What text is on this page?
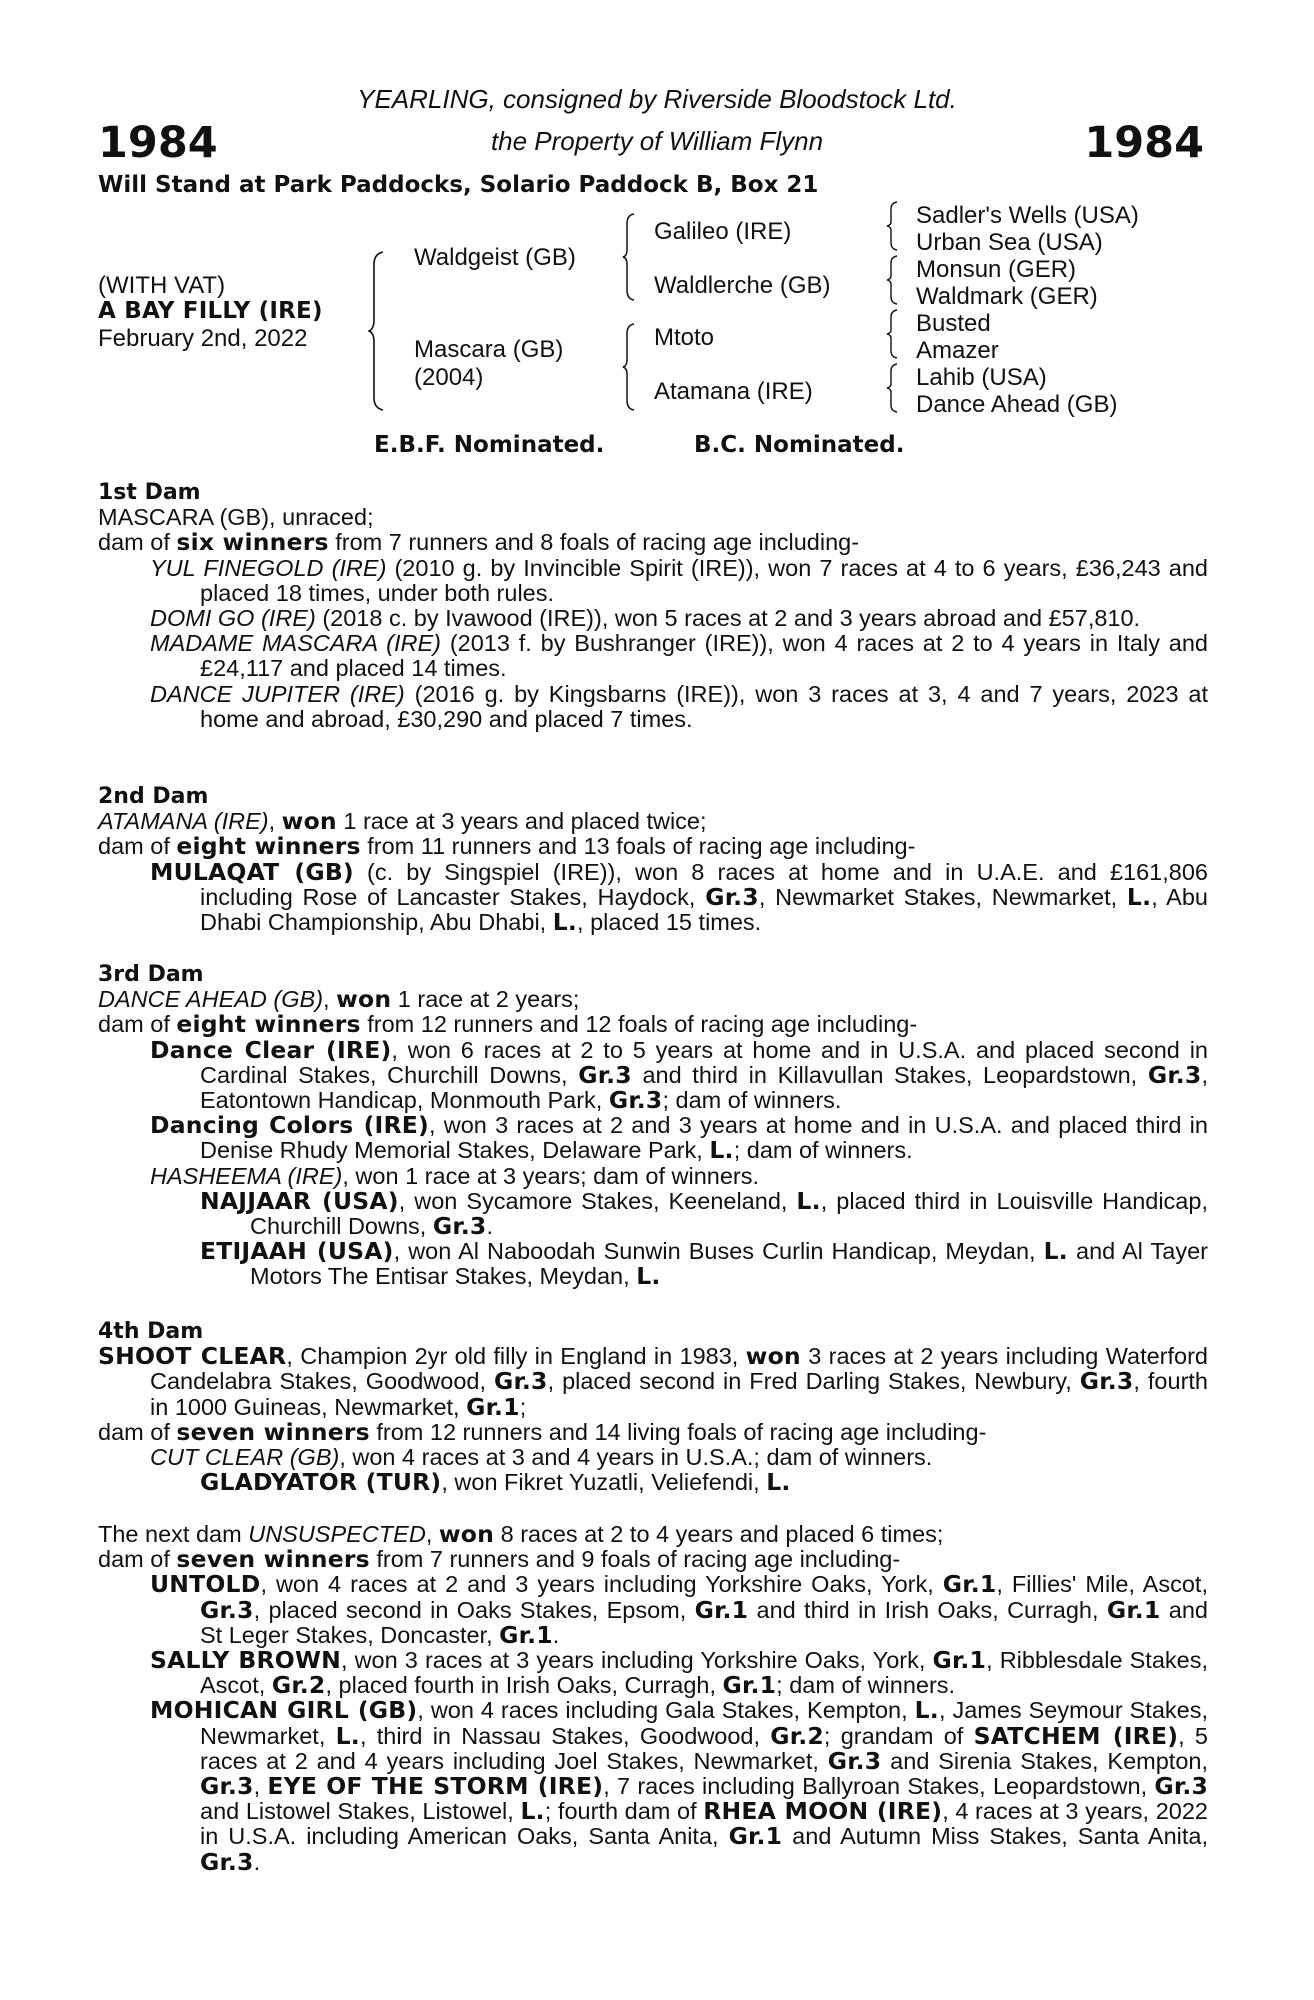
1984	1984
YEARLING, consigned by Riverside Bloodstock Ltd.
the Property of William Flynn
Will Stand at Park Paddocks, Solario Paddock B, Box 21
(WITH VAT)
A BAY FILLY (IRE)
February 2nd, 2022
Waldgeist (GB)
Mascara (GB)
(2004)
Galileo (IRE)
Waldlerche (GB)
Mtoto
Atamana (IRE)
Sadler's Wells (USA)
Urban Sea (USA)
Monsun (GER)
Waldmark (GER)
Busted
Amazer
Lahib (USA)
Dance Ahead (GB)
E.B.F. Nominated.	B.C. Nominated.

1st Dam

MASCARA (GB), unraced;

dam of six winners from 7 runners and 8 foals of racing age including-

YUL FINEGOLD (IRE) (2010 g. by Invincible Spirit (IRE)), won 7 races at 4 to 6 years, £36,243 and placed 18 times, under both rules.

DOMI GO (IRE) (2018 c. by Ivawood (IRE)), won 5 races at 2 and 3 years abroad and £57,810.

MADAME MASCARA (IRE) (2013 f. by Bushranger (IRE)), won 4 races at 2 to 4 years in Italy and £24,117 and placed 14 times.

DANCE JUPITER (IRE) (2016 g. by Kingsbarns (IRE)), won 3 races at 3, 4 and 7 years, 2023 at home and abroad, £30,290 and placed 7 times.

2nd Dam

ATAMANA (IRE), won 1 race at 3 years and placed twice;

dam of eight winners from 11 runners and 13 foals of racing age including-

MULAQAT (GB) (c. by Singspiel (IRE)), won 8 races at home and in U.A.E. and £161,806 including Rose of Lancaster Stakes, Haydock, Gr.3, Newmarket Stakes, Newmarket, L., Abu Dhabi Championship, Abu Dhabi, L., placed 15 times.

3rd Dam

DANCE AHEAD (GB), won 1 race at 2 years;

dam of eight winners from 12 runners and 12 foals of racing age including-

Dance Clear (IRE), won 6 races at 2 to 5 years at home and in U.S.A. and placed second in Cardinal Stakes, Churchill Downs, Gr.3 and third in Killavullan Stakes, Leopardstown, Gr.3, Eatontown Handicap, Monmouth Park, Gr.3; dam of winners.

Dancing Colors (IRE), won 3 races at 2 and 3 years at home and in U.S.A. and placed third in Denise Rhudy Memorial Stakes, Delaware Park, L.; dam of winners.

HASHEEMA (IRE), won 1 race at 3 years; dam of winners.

NAJJAAR (USA), won Sycamore Stakes, Keeneland, L., placed third in Louisville Handicap, Churchill Downs, Gr.3.

ETIJAAH (USA), won Al Naboodah Sunwin Buses Curlin Handicap, Meydan, L. and Al Tayer Motors The Entisar Stakes, Meydan, L.

4th Dam

SHOOT CLEAR, Champion 2yr old filly in England in 1983, won 3 races at 2 years including Waterford Candelabra Stakes, Goodwood, Gr.3, placed second in Fred Darling Stakes, Newbury, Gr.3, fourth in 1000 Guineas, Newmarket, Gr.1;

dam of seven winners from 12 runners and 14 living foals of racing age including-

CUT CLEAR (GB), won 4 races at 3 and 4 years in U.S.A.; dam of winners.

GLADYATOR (TUR), won Fikret Yuzatli, Veliefendi, L.

The next dam UNSUSPECTED, won 8 races at 2 to 4 years and placed 6 times;

dam of seven winners from 7 runners and 9 foals of racing age including-

UNTOLD, won 4 races at 2 and 3 years including Yorkshire Oaks, York, Gr.1, Fillies' Mile, Ascot, Gr.3, placed second in Oaks Stakes, Epsom, Gr.1 and third in Irish Oaks, Curragh, Gr.1 and St Leger Stakes, Doncaster, Gr.1.

SALLY BROWN, won 3 races at 3 years including Yorkshire Oaks, York, Gr.1, Ribblesdale Stakes, Ascot, Gr.2, placed fourth in Irish Oaks, Curragh, Gr.1; dam of winners.

MOHICAN GIRL (GB), won 4 races including Gala Stakes, Kempton, L., James Seymour Stakes, Newmarket, L., third in Nassau Stakes, Goodwood, Gr.2; grandam of SATCHEM (IRE), 5 races at 2 and 4 years including Joel Stakes, Newmarket, Gr.3 and Sirenia Stakes, Kempton, Gr.3, EYE OF THE STORM (IRE), 7 races including Ballyroan Stakes, Leopardstown, Gr.3 and Listowel Stakes, Listowel, L.; fourth dam of RHEA MOON (IRE), 4 races at 3 years, 2022 in U.S.A. including American Oaks, Santa Anita, Gr.1 and Autumn Miss Stakes, Santa Anita, Gr.3.
